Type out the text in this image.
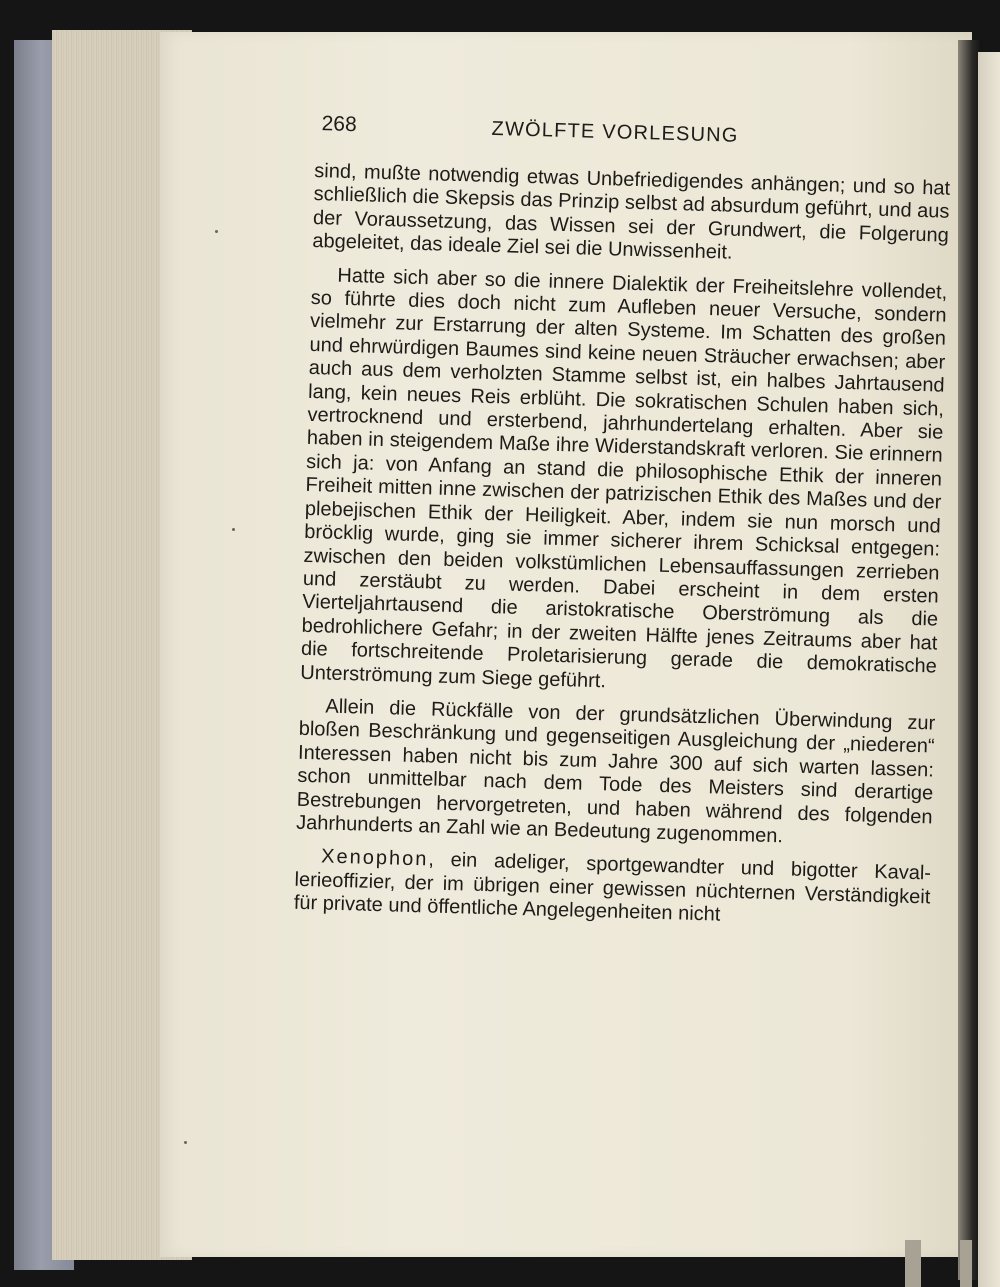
268	ZWÖLFTE VORLESUNG

sind, mußte notwendig etwas Unbefriedigendes anhängen; und so hat schließlich die Skepsis das Prinzip selbst ad absurdum geführt, und aus der Voraussetzung, das Wissen sei der Grundwert, die Folgerung abgeleitet, das ideale Ziel sei die Unwissenheit.

Hatte sich aber so die innere Dialektik der Freiheitslehre vollendet, so führte dies doch nicht zum Aufleben neuer Versuche, sondern vielmehr zur Erstarrung der alten Systeme. Im Schatten des großen und ehrwürdigen Baumes sind keine neuen Sträucher erwachsen; aber auch aus dem verholzten Stamme selbst ist, ein halbes Jahrtausend lang, kein neues Reis erblüht. Die sokratischen Schulen haben sich, vertrocknend und ersterbend, jahrhundertelang erhalten. Aber sie haben in steigendem Maße ihre Widerstandskraft verloren. Sie erinnern sich ja: von Anfang an stand die philosophische Ethik der inneren Freiheit mitten inne zwischen der patrizischen Ethik des Maßes und der plebejischen Ethik der Heiligkeit. Aber, indem sie nun morsch und bröcklig wurde, ging sie immer sicherer ihrem Schicksal entgegen: zwischen den beiden volkstümlichen Lebensauffassungen zerrieben und zerstäubt zu werden. Dabei erscheint in dem ersten Vierteljahrtausend die aristokratische Oberströmung als die bedrohlichere Gefahr; in der zweiten Hälfte jenes Zeitraums aber hat die fortschreitende Proletarisierung gerade die demokratische Unterströmung zum Siege geführt.

Allein die Rückfälle von der grundsätzlichen Überwindung zur bloßen Beschränkung und gegenseitigen Ausgleichung der „niederen“ Interessen haben nicht bis zum Jahre 300 auf sich warten lassen: schon unmittelbar nach dem Tode des Meisters sind derartige Bestrebungen hervorgetreten, und haben während des folgenden Jahrhunderts an Zahl wie an Bedeutung zugenommen.

Xenophon, ein adeliger, sportgewandter und bigotter Kavallerieoffizier, der im übrigen einer gewissen nüchternen Verständigkeit für private und öffentliche Angelegenheiten nicht
